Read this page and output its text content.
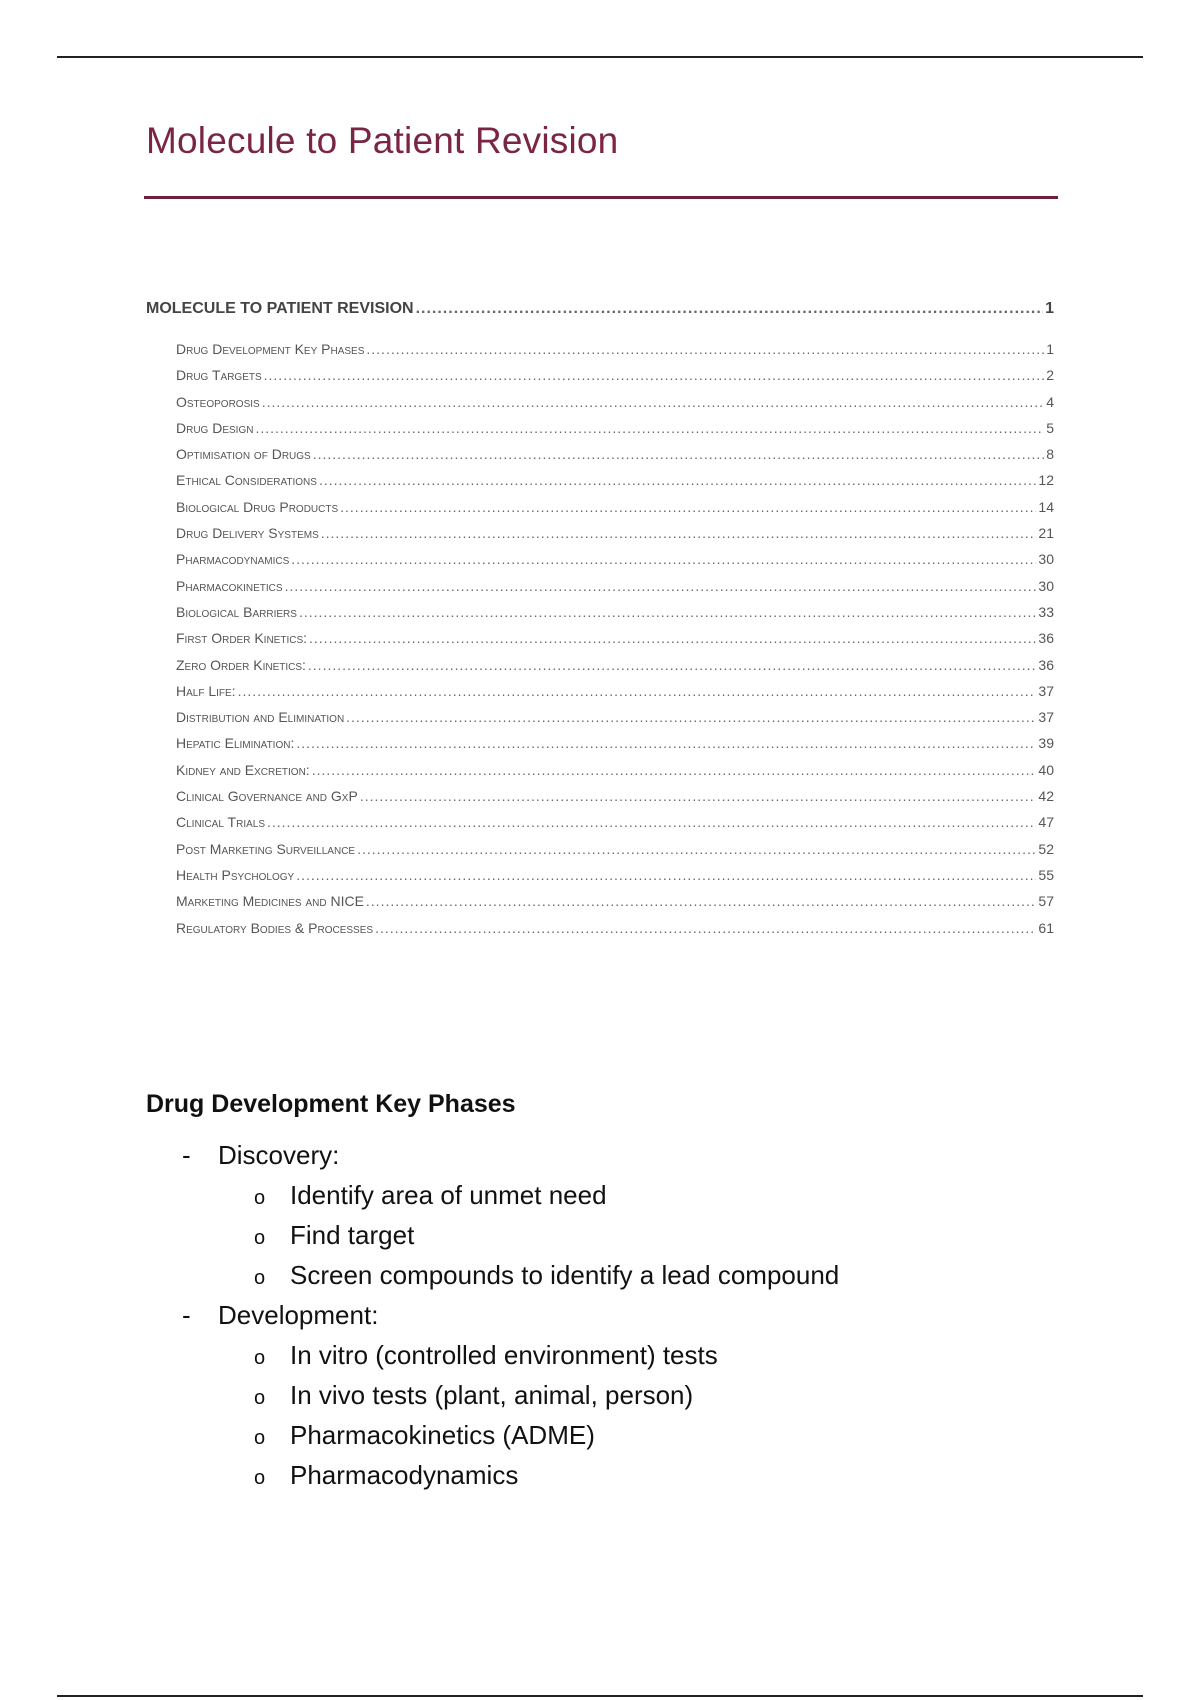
Molecule to Patient Revision
MOLECULE TO PATIENT REVISION .....	1
Drug Development Key Phases .....	1
Drug Targets .....	2
Osteoporosis .....	4
Drug Design .....	5
Optimisation of Drugs .....	8
Ethical Considerations .....	12
Biological Drug Products .....	14
Drug Delivery Systems .....	21
Pharmacodynamics .....	30
Pharmacokinetics .....	30
Biological Barriers .....	33
First Order Kinetics: .....	36
Zero Order Kinetics: .....	36
Half Life: .....	37
Distribution and Elimination .....	37
Hepatic Elimination: .....	39
Kidney and Excretion: .....	40
Clinical Governance and GxP .....	42
Clinical Trials .....	47
Post Marketing Surveillance .....	52
Health Psychology .....	55
Marketing Medicines and NICE .....	57
Regulatory Bodies & Processes .....	61
Drug Development Key Phases
-	Discovery:
o Identify area of unmet need
o Find target
o Screen compounds to identify a lead compound
-	Development:
o In vitro (controlled environment) tests
o In vivo tests (plant, animal, person)
o Pharmacokinetics (ADME)
o Pharmacodynamics
